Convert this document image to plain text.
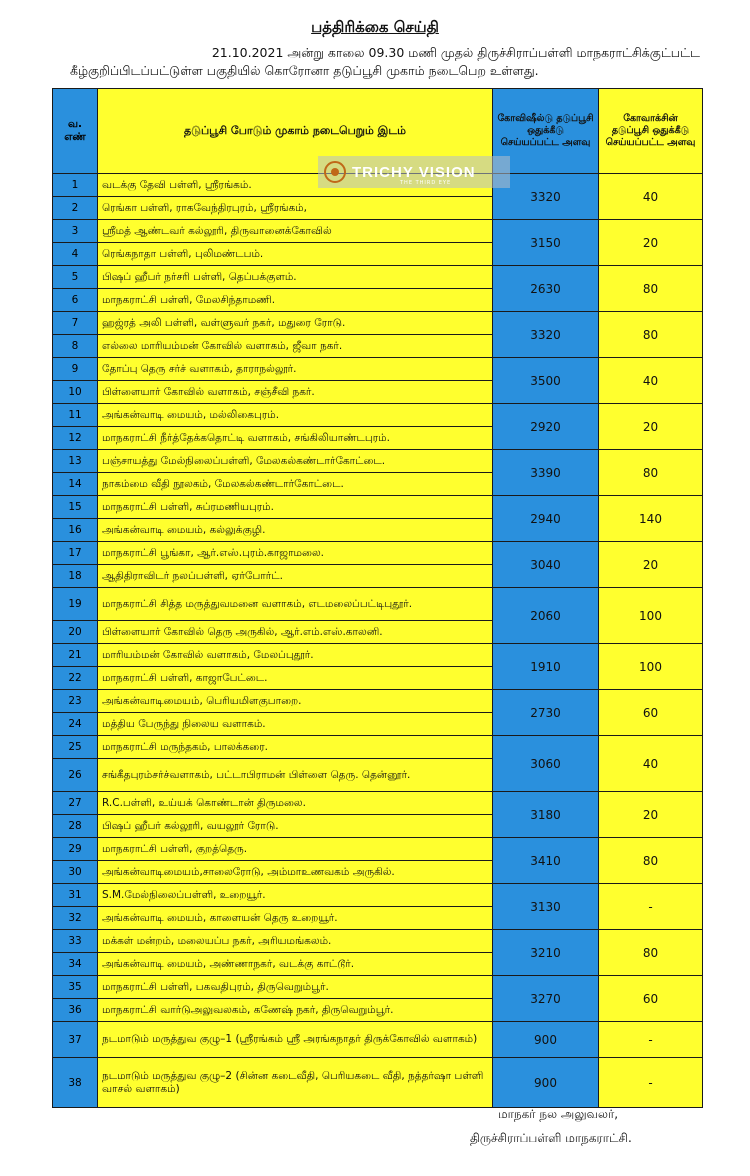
பத்திரிக்கை செய்தி
21.10.2021 அன்று காலை 09.30 மணி முதல் திருச்சிராப்பள்ளி மாநகராட்சிக்குட்பட்ட
கீழ்குறிப்பிடப்பட்டுள்ள பகுதியில் கொரோனா தடுப்பூசி முகாம் நடைபெற உள்ளது.
வ. எண்	தடுப்பூசி போடும் முகாம் நடைபெறும் இடம்	கோவிஷீல்டு தடுப்பூசி ஒதுக்கீடு செய்யப்பட்ட அளவு	கோவாக்சின் தடுப்பூசி ஒதுக்கீடு செய்யப்பட்ட அளவு
1	வடக்கு தேவி பள்ளி, ஸ்ரீரங்கம்.	3320	40
2	ரெங்கா பள்ளி, ராகவேந்திரபுரம், ஸ்ரீரங்கம்,		
3	ஸ்ரீமத் ஆண்டவர் கல்லூரி, திருவானைக்கோவில்	3150	20
4	ரெங்கநாதா பள்ளி, புலிமண்டபம்.		
5	பிஷப் ஹீபர் நர்சரி பள்ளி, தெப்பக்குளம்.	2630	80
6	மாநகராட்சி பள்ளி, மேலசிந்தாமணி.		
7	ஹஜ்ரத் அலி பள்ளி, வள்ளுவர் நகர், மதுரை ரோடு.	3320	80
8	எல்லை மாரியம்மன் கோவில் வளாகம், ஜீவா நகர்.		
9	தோப்பு தெரு சர்ச் வளாகம், தாராநல்லூர்.	3500	40
10	பிள்ளையார் கோவில் வளாகம், சஞ்சீவி நகர்.		
11	அங்கன்வாடி மையம், மல்லிகைபுரம்.	2920	20
12	மாநகராட்சி நீர்த்தேக்கதொட்டி வளாகம், சங்கிலியாண்டபுரம்.		
13	பஞ்சாயத்து மேல்நிலைப்பள்ளி, மேலகல்கண்டார்கோட்டை.	3390	80
14	நாகம்மை வீதி நூலகம், மேலகல்கண்டார்கோட்டை.		
15	மாநகராட்சி பள்ளி, சுப்ரமணியபுரம்.	2940	140
16	அங்கன்வாடி மையம், கல்லுக்குழி.		
17	மாநகராட்சி பூங்கா, ஆர்.எஸ்.புரம்.காஜாமலை.	3040	20
18	ஆதிதிராவிடர் நலப்பள்ளி, ஏர்போர்ட்.		
19	மாநகராட்சி சித்த மருத்துவமனை வளாகம், எடமலைப்பட்டிபுதூர்.	2060	100
20	பிள்ளையார் கோவில் தெரு அருகில், ஆர்.எம்.எஸ்.காலனி.		
21	மாரியம்மன் கோவில் வளாகம், மேலப்புதூர்.	1910	100
22	மாநகராட்சி பள்ளி, காஜாபேட்டை.		
23	அங்கன்வாடிமையம், பெரியமிளகுபாறை.	2730	60
24	மத்திய பேருந்து நிலைய வளாகம்.		
25	மாநகராட்சி மருந்தகம், பாலக்கரை.	3060	40
26	சங்கீதபுரம்சர்ச்வளாகம், பட்டாபிராமன் பிள்ளை தெரு. தென்னூர்.		
27	R.C.பள்ளி, உய்யக் கொண்டான் திருமலை.	3180	20
28	பிஷப் ஹீபர் கல்லூரி, வயலூர் ரோடு.		
29	மாநகராட்சி பள்ளி, குறத்தெரு.	3410	80
30	அங்கன்வாடிமையம்,சாலைரோடு, அம்மாஉணவகம் அருகில்.		
31	S.M.மேல்நிலைப்பள்ளி, உறையூர்.	3130	-
32	அங்கன்வாடி மையம், காளையன் தெரு உறையூர்.		
33	மக்கள் மன்றம், மலையப்ப நகர், அரியமங்கலம்.	3210	80
34	அங்கன்வாடி மையம், அண்ணாநகர், வடக்கு காட்டூர்.		
35	மாநகராட்சி பள்ளி, பகவதிபுரம், திருவெறும்பூர்.	3270	60
36	மாநகராட்சி வார்டுஅலுவலகம், கணேஷ் நகர், திருவெறும்பூர்.		
37	நடமாடும் மருத்துவ குழு–1 (ஸ்ரீரங்கம் ஸ்ரீ அரங்கநாதர் திருக்கோவில் வளாகம்)	900	-
38	நடமாடும் மருத்துவ குழு–2 (சின்ன கடைவீதி, பெரியகடை வீதி, நத்தர்ஷா பள்ளி வாசல் வளாகம்)	900	-
TRICHY VISION
THE THIRD EYE
மாநகர் நல அலுவலர்,
திருச்சிராப்பள்ளி மாநகராட்சி.
